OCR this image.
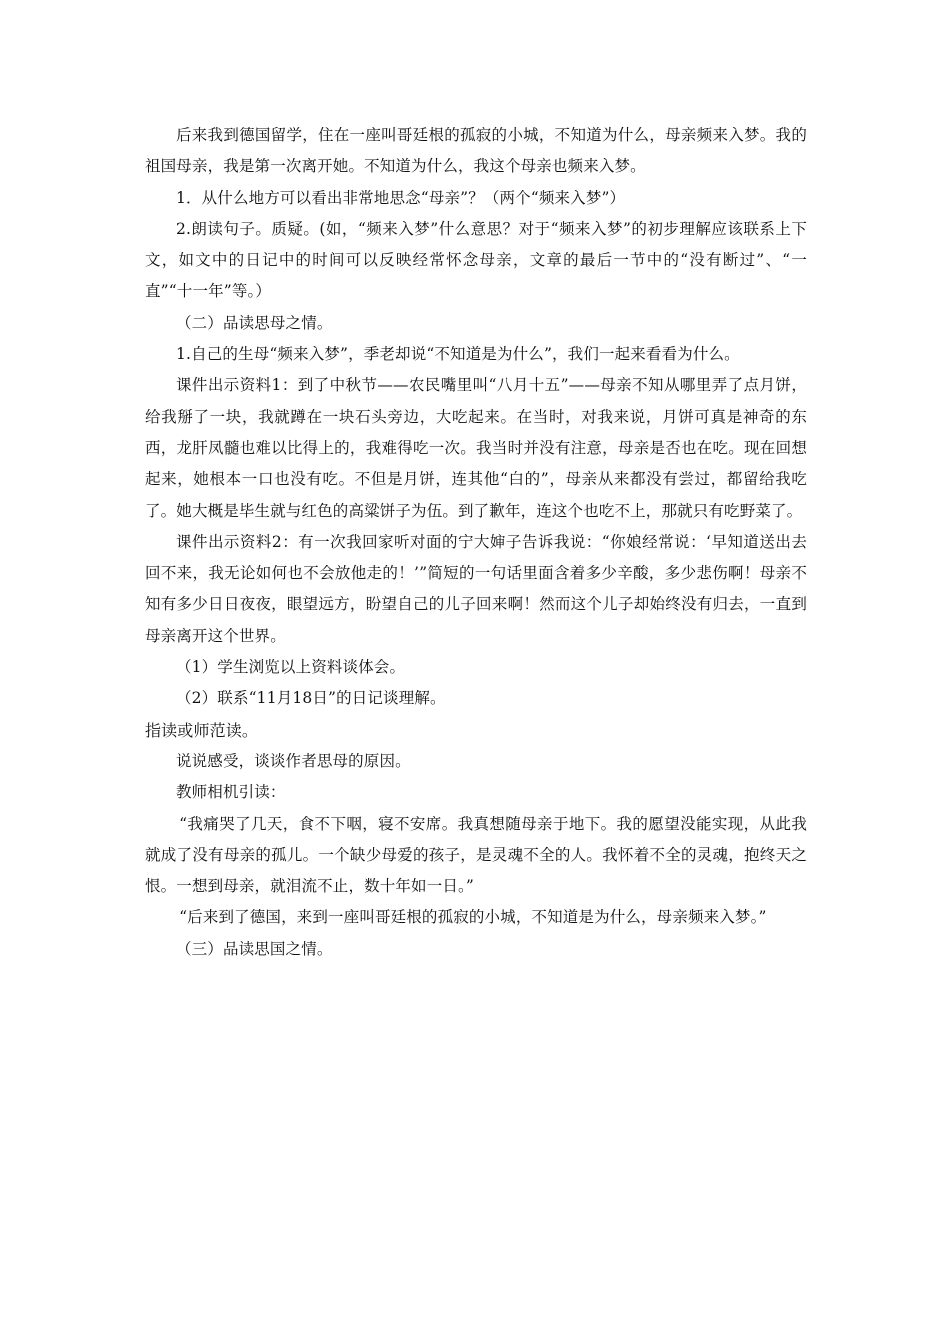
后来我到德国留学，住在一座叫哥廷根的孤寂的小城，不知道为什么，母亲频来入梦。我的祖国母亲，我是第一次离开她。不知道为什么，我这个母亲也频来入梦。

1．从什么地方可以看出非常地思念“母亲”？（两个“频来入梦”）

2.朗读句子。质疑。(如，“频来入梦”什么意思？对于“频来入梦”的初步理解应该联系上下文，如文中的日记中的时间可以反映经常怀念母亲，文章的最后一节中的“没有断过”、“一直”“十一年”等。）

（二）品读思母之情。

1.自己的生母“频来入梦”，季老却说“不知道是为什么”，我们一起来看看为什么。

课件出示资料1：到了中秋节——农民嘴里叫“八月十五”——母亲不知从哪里弄了点月饼，给我掰了一块，我就蹲在一块石头旁边，大吃起来。在当时，对我来说，月饼可真是神奇的东西，龙肝凤髓也难以比得上的，我难得吃一次。我当时并没有注意，母亲是否也在吃。现在回想起来，她根本一口也没有吃。不但是月饼，连其他“白的”，母亲从来都没有尝过，都留给我吃了。她大概是毕生就与红色的高粱饼子为伍。到了歉年，连这个也吃不上，那就只有吃野菜了。

课件出示资料2：有一次我回家听对面的宁大婶子告诉我说：“你娘经常说：‘早知道送出去回不来，我无论如何也不会放他走的！’”简短的一句话里面含着多少辛酸，多少悲伤啊！母亲不知有多少日日夜夜，眼望远方，盼望自己的儿子回来啊！然而这个儿子却始终没有归去，一直到母亲离开这个世界。

（1）学生浏览以上资料谈体会。

（2）联系“11月18日”的日记谈理解。

指读或师范读。

说说感受，谈谈作者思母的原因。

教师相机引读：

“我痛哭了几天，食不下咽，寝不安席。我真想随母亲于地下。我的愿望没能实现，从此我就成了没有母亲的孤儿。一个缺少母爱的孩子，是灵魂不全的人。我怀着不全的灵魂，抱终天之恨。一想到母亲，就泪流不止，数十年如一日。”

“后来到了德国，来到一座叫哥廷根的孤寂的小城，不知道是为什么，母亲频来入梦。”

（三）品读思国之情。
